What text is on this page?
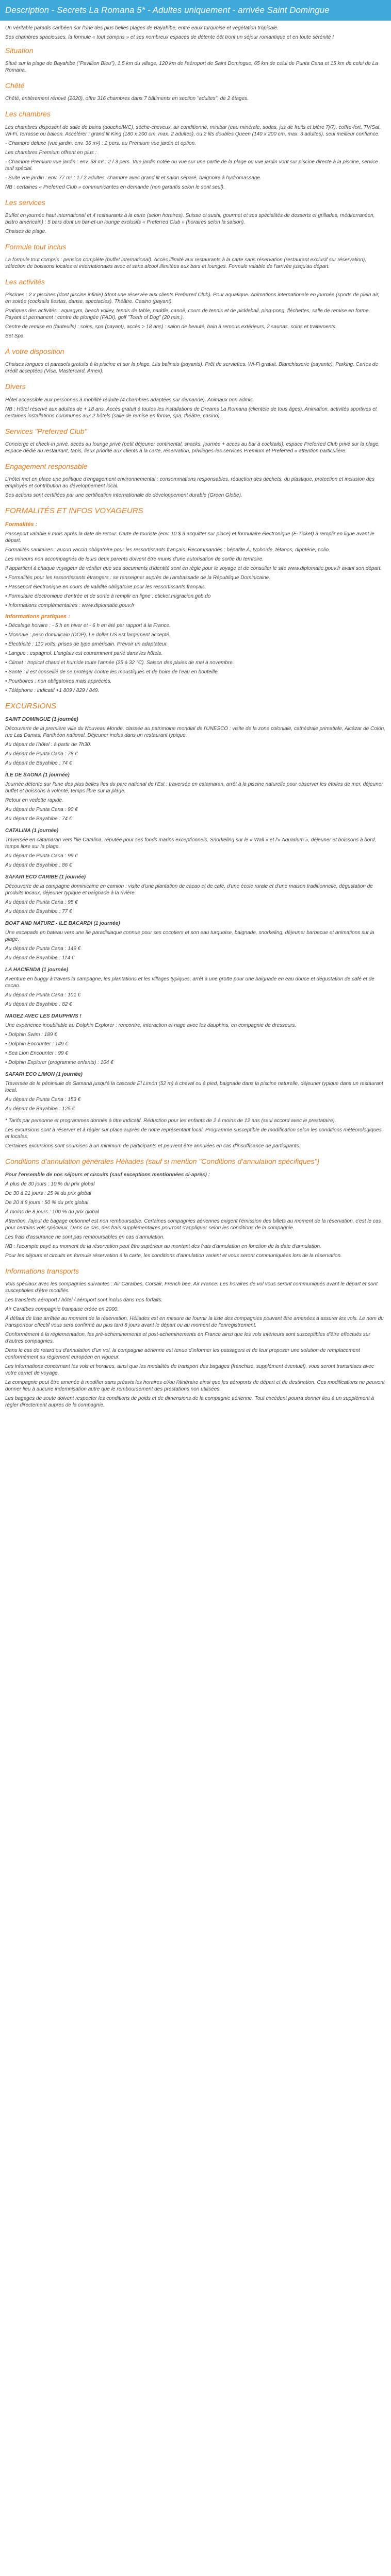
Description - Secrets La Romana 5* - Adultes uniquement - arrivée Saint Domingue

Un véritable paradis caribéen sur l'une des plus belles plages de Bayahibe, entre eaux turquoise et végétation tropicale.

Ses chambres spacieuses, la formule « tout compris » et ses nombreux espaces de détente éêt tront un séjour romantique et en toute sérénité !

Situation

Situé sur la plage de Bayahibe ("Pavillion Bleu"), 1,5 km du village, 120 km de l'aéroport de Saint Domingue, 65 km de celui de Punta Cana et 15 km de celui de La Romana.

Chêté

Chêté, entièrement rénové (2020), offre 316 chambres dans 7 bâtiments en section "adultes", de 2 étages.

Les chambres

Les chambres disposent de salle de bains (douche/WC), sèche-cheveux, air conditionné, minibar (eau minérale, sodas, jus de fruits et bière 7j/7), coffre-fort, TV/Sat, Wi-Fi, terrasse ou balcon. Accélérer : grand lit King (180 x 200 cm, max. 2 adultes), ou 2 lits doubles Queen (140 x 200 cm, max. 3 adultes), seul meilleur confiance.

- Chambre deluxe (vue jardin, env. 36 m²) : 2 pers. au Premium vue jardin et option.

Les chambres Premium offrent en plus :

- Chambre Premium vue jardin : env. 38 m² : 2 / 3 pers. Vue jardin notée ou vue sur une partie de la plage ou vue jardin vont sur piscine directe à la piscine, service tarif spécial.

- Suite vue jardin : env. 77 m² : 1 / 2 adultes, chambre avec grand lit et salon séparé, baignoire à hydromassage.

NB : certaines « Preferred Club » communicantes en demande (non garantis selon le sont seul).

Les services

Buffet en journée haut international et 4 restaurants à la carte (selon horaires). Suisse et sushi, gourmet et ses spécialités de desserts et grillades, méditerranéen, bistro américain) : 5 bars dont un bar-et-un lounge exclusifs « Preferred Club » (horaires selon la saison).

Chaises de plage.

Formule tout inclus

La formule tout compris : pension complète (buffet international). Accès illimité aux restaurants à la carte sans réservation (restaurant exclusif sur réservation), sélection de boissons locales et internationales avec et sans alcool illimitées aux bars et lounges. Formule valable de l'arrivée jusqu'au départ.

Les activités

Piscines : 2 x piscines (dont piscine infinie) (dont une réservée aux clients Preferred Club). Pour aquatique. Animations internationale en journée (sports de plein air, en soirée (cocktails fiestas, danse, spectacles). Théâtre. Casino (payant).

Pratiques des activités : aquagym, beach volley, tennis de table, paddle, canoë, cours de tennis et de pickleball, ping-pong, fléchettes, salle de remise en forme. Payant et permanent : centre de plongée (PADI), golf "Teeth of Dog" (20 min.).

Centre de remise en (fauteuils) : soins, spa (payant), accès > 18 ans) : salon de beauté, bain à remous extérieurs, 2 saunas, soins et traitements.

Set Spa.

À votre disposition

Chaises longues et parasols gratuits à la piscine et sur la plage. Lits balinais (payants). Prêt de serviettes. Wi-Fi gratuit. Blanchisserie (payante). Parking. Cartes de crédit acceptées (Visa, Mastercard, Amex).

Divers

Hôtel accessible aux personnes à mobilité réduite (4 chambres adaptées sur demande). Animaux non admis.

NB : Hôtel réservé aux adultes de + 18 ans. Accès gratuit à toutes les installations de Dreams La Romana (clientèle de tous âges). Animation, activités sportives et certaines installations communes aux 2 hôtels (salle de remise en forme, spa, théâtre, casino).

Services "Preferred Club"

Concierge et check-in privé, accès au lounge privé (petit déjeuner continental, snacks, journée + accès au bar à cocktails), espace Preferred Club privé sur la plage, espace dédié au restaurant, tapis, lieux priorité aux clients à la carte, réservation, privilèges-les services Premium et Preferred « attention particulière.

Engagement responsable

L'hôtel met en place une politique d'engagement environnemental : consommations responsables, réduction des déchets, du plastique, protection et inclusion des employés et contribution au développement local.

Ses actions sont certifiées par une certification internationale de développement durable (Green Globe).

FORMALITÉS ET INFOS VOYAGEURS
Formalités :

Passeport valable 6 mois après la date de retour. Carte de touriste (env. 10 $ à acquitter sur place) et formulaire électronique (E-Ticket) à remplir en ligne avant le départ.

Formalités sanitaires : aucun vaccin obligatoire pour les ressortissants français. Recommandés : hépatite A, typhoïde, tétanos, diphtérie, polio.

Les mineurs non accompagnés de leurs deux parents doivent être munis d'une autorisation de sortie du territoire.

Il appartient à chaque voyageur de vérifier que ses documents d'identité sont en règle pour le voyage et de consulter le site www.diplomatie.gouv.fr avant son départ.

• Formalités pour les ressortissants étrangers : se renseigner auprès de l'ambassade de la République Dominicaine.

• Passeport électronique en cours de validité obligatoire pour les ressortissants français.

• Formulaire électronique d'entrée et de sortie à remplir en ligne : eticket.migracion.gob.do

• Informations complémentaires : www.diplomatie.gouv.fr

Informations pratiques :

• Décalage horaire : - 5 h en hiver et - 6 h en été par rapport à la France.

• Monnaie : peso dominicain (DOP). Le dollar US est largement accepté.

• Électricité : 110 volts, prises de type américain. Prévoir un adaptateur.

• Langue : espagnol. L'anglais est couramment parlé dans les hôtels.

• Climat : tropical chaud et humide toute l'année (25 à 32 °C). Saison des pluies de mai à novembre.

• Santé : il est conseillé de se protéger contre les moustiques et de boire de l'eau en bouteille.

• Pourboires : non obligatoires mais appréciés.

• Téléphone : indicatif +1 809 / 829 / 849.

EXCURSIONS

SAINT DOMINGUE (1 journée)

Découverte de la première ville du Nouveau Monde, classée au patrimoine mondial de l'UNESCO : visite de la zone coloniale, cathédrale primatiale, Alcázar de Colón, rue Las Damas, Panthéon national. Déjeuner inclus dans un restaurant typique.

Au départ de l'hôtel : à partir de 7h30.

Au départ de Punta Cana : 78 €

Au départ de Bayahibe : 74 €

ÎLE DE SAONA (1 journée)

Journée détente sur l'une des plus belles îles du parc national de l'Est : traversée en catamaran, arrêt à la piscine naturelle pour observer les étoiles de mer, déjeuner buffet et boissons à volonté, temps libre sur la plage.

Retour en vedette rapide.

Au départ de Punta Cana : 90 €

Au départ de Bayahibe : 74 €

CATALINA (1 journée)

Traversée en catamaran vers l'île Catalina, réputée pour ses fonds marins exceptionnels. Snorkeling sur le « Wall » et l'« Aquarium », déjeuner et boissons à bord, temps libre sur la plage.

Au départ de Punta Cana : 99 €

Au départ de Bayahibe : 86 €

SAFARI ECO CARIBE (1 journée)

Découverte de la campagne dominicaine en camion : visite d'une plantation de cacao et de café, d'une école rurale et d'une maison traditionnelle, dégustation de produits locaux, déjeuner typique et baignade à la rivière.

Au départ de Punta Cana : 95 €

Au départ de Bayahibe : 77 €

BOAT AND NATURE - ILE BACARDI (1 journée)

Une escapade en bateau vers une île paradisiaque connue pour ses cocotiers et son eau turquoise, baignade, snorkeling, déjeuner barbecue et animations sur la plage.

Au départ de Punta Cana : 149 €

Au départ de Bayahibe : 114 €

LA HACIENDA (1 journée)

Aventure en buggy à travers la campagne, les plantations et les villages typiques, arrêt à une grotte pour une baignade en eau douce et dégustation de café et de cacao.

Au départ de Punta Cana : 101 €

Au départ de Bayahibe : 82 €

NAGEZ AVEC LES DAUPHINS !

Une expérience inoubliable au Dolphin Explorer : rencontre, interaction et nage avec les dauphins, en compagnie de dresseurs.

• Dolphin Swim : 189 €

• Dolphin Encounter : 149 €

• Sea Lion Encounter : 99 €

• Dolphin Explorer (programme enfants) : 104 €

SAFARI ECO LIMON (1 journée)

Traversée de la péninsule de Samaná jusqu'à la cascade El Limón (52 m) à cheval ou à pied, baignade dans la piscine naturelle, déjeuner typique dans un restaurant local.

Au départ de Punta Cana : 153 €

Au départ de Bayahibe : 125 €

* Tarifs par personne et programmes donnés à titre indicatif. Réduction pour les enfants de 2 à moins de 12 ans (seul accord avec le prestataire).

Les excursions sont à réserver et à régler sur place auprès de notre représentant local. Programme susceptible de modification selon les conditions météorologiques et locales.

Certaines excursions sont soumises à un minimum de participants et peuvent être annulées en cas d'insuffisance de participants.

Conditions d'annulation générales Héliades (sauf si mention "Conditions d'annulation spécifiques")

Pour l'ensemble de nos séjours et circuits (sauf exceptions mentionnées ci-après) :

À plus de 30 jours : 10 % du prix global

De 30 à 21 jours : 25 % du prix global

De 20 à 8 jours : 50 % du prix global

À moins de 8 jours : 100 % du prix global

Attention, l'ajout de bagage optionnel est non remboursable. Certaines compagnies aériennes exigent l'émission des billets au moment de la réservation, c'est le cas pour certains vols spéciaux. Dans ce cas, des frais supplémentaires pourront s'appliquer selon les conditions de la compagnie.

Les frais d'assurance ne sont pas remboursables en cas d'annulation.

NB : l'acompte payé au moment de la réservation peut être supérieur au montant des frais d'annulation en fonction de la date d'annulation.

Pour les séjours et circuits en formule réservation à la carte, les conditions d'annulation varient et vous seront communiquées lors de la réservation.

Informations transports

Vols spéciaux avec les compagnies suivantes : Air Caraïbes, Corsair, French bee, Air France. Les horaires de vol vous seront communiqués avant le départ et sont susceptibles d'être modifiés.

Les transferts aéroport / hôtel / aéroport sont inclus dans nos forfaits.

Air Caraïbes compagnie française créée en 2000.

À défaut de liste arrêtée au moment de la réservation, Héliades est en mesure de fournir la liste des compagnies pouvant être amenées à assurer les vols. Le nom du transporteur effectif vous sera confirmé au plus tard 8 jours avant le départ ou au moment de l'enregistrement.

Conformément à la réglementation, les pré-acheminements et post-acheminements en France ainsi que les vols intérieurs sont susceptibles d'être effectués sur d'autres compagnies.

Dans le cas de retard ou d'annulation d'un vol, la compagnie aérienne est tenue d'informer les passagers et de leur proposer une solution de remplacement conformément au règlement européen en vigueur.

Les informations concernant les vols et horaires, ainsi que les modalités de transport des bagages (franchise, supplément éventuel), vous seront transmises avec votre carnet de voyage.

La compagnie peut être amenée à modifier sans préavis les horaires et/ou l'itinéraire ainsi que les aéroports de départ et de destination. Ces modifications ne peuvent donner lieu à aucune indemnisation autre que le remboursement des prestations non utilisées.

Les bagages de soute doivent respecter les conditions de poids et de dimensions de la compagnie aérienne. Tout excédent pourra donner lieu à un supplément à régler directement auprès de la compagnie.
